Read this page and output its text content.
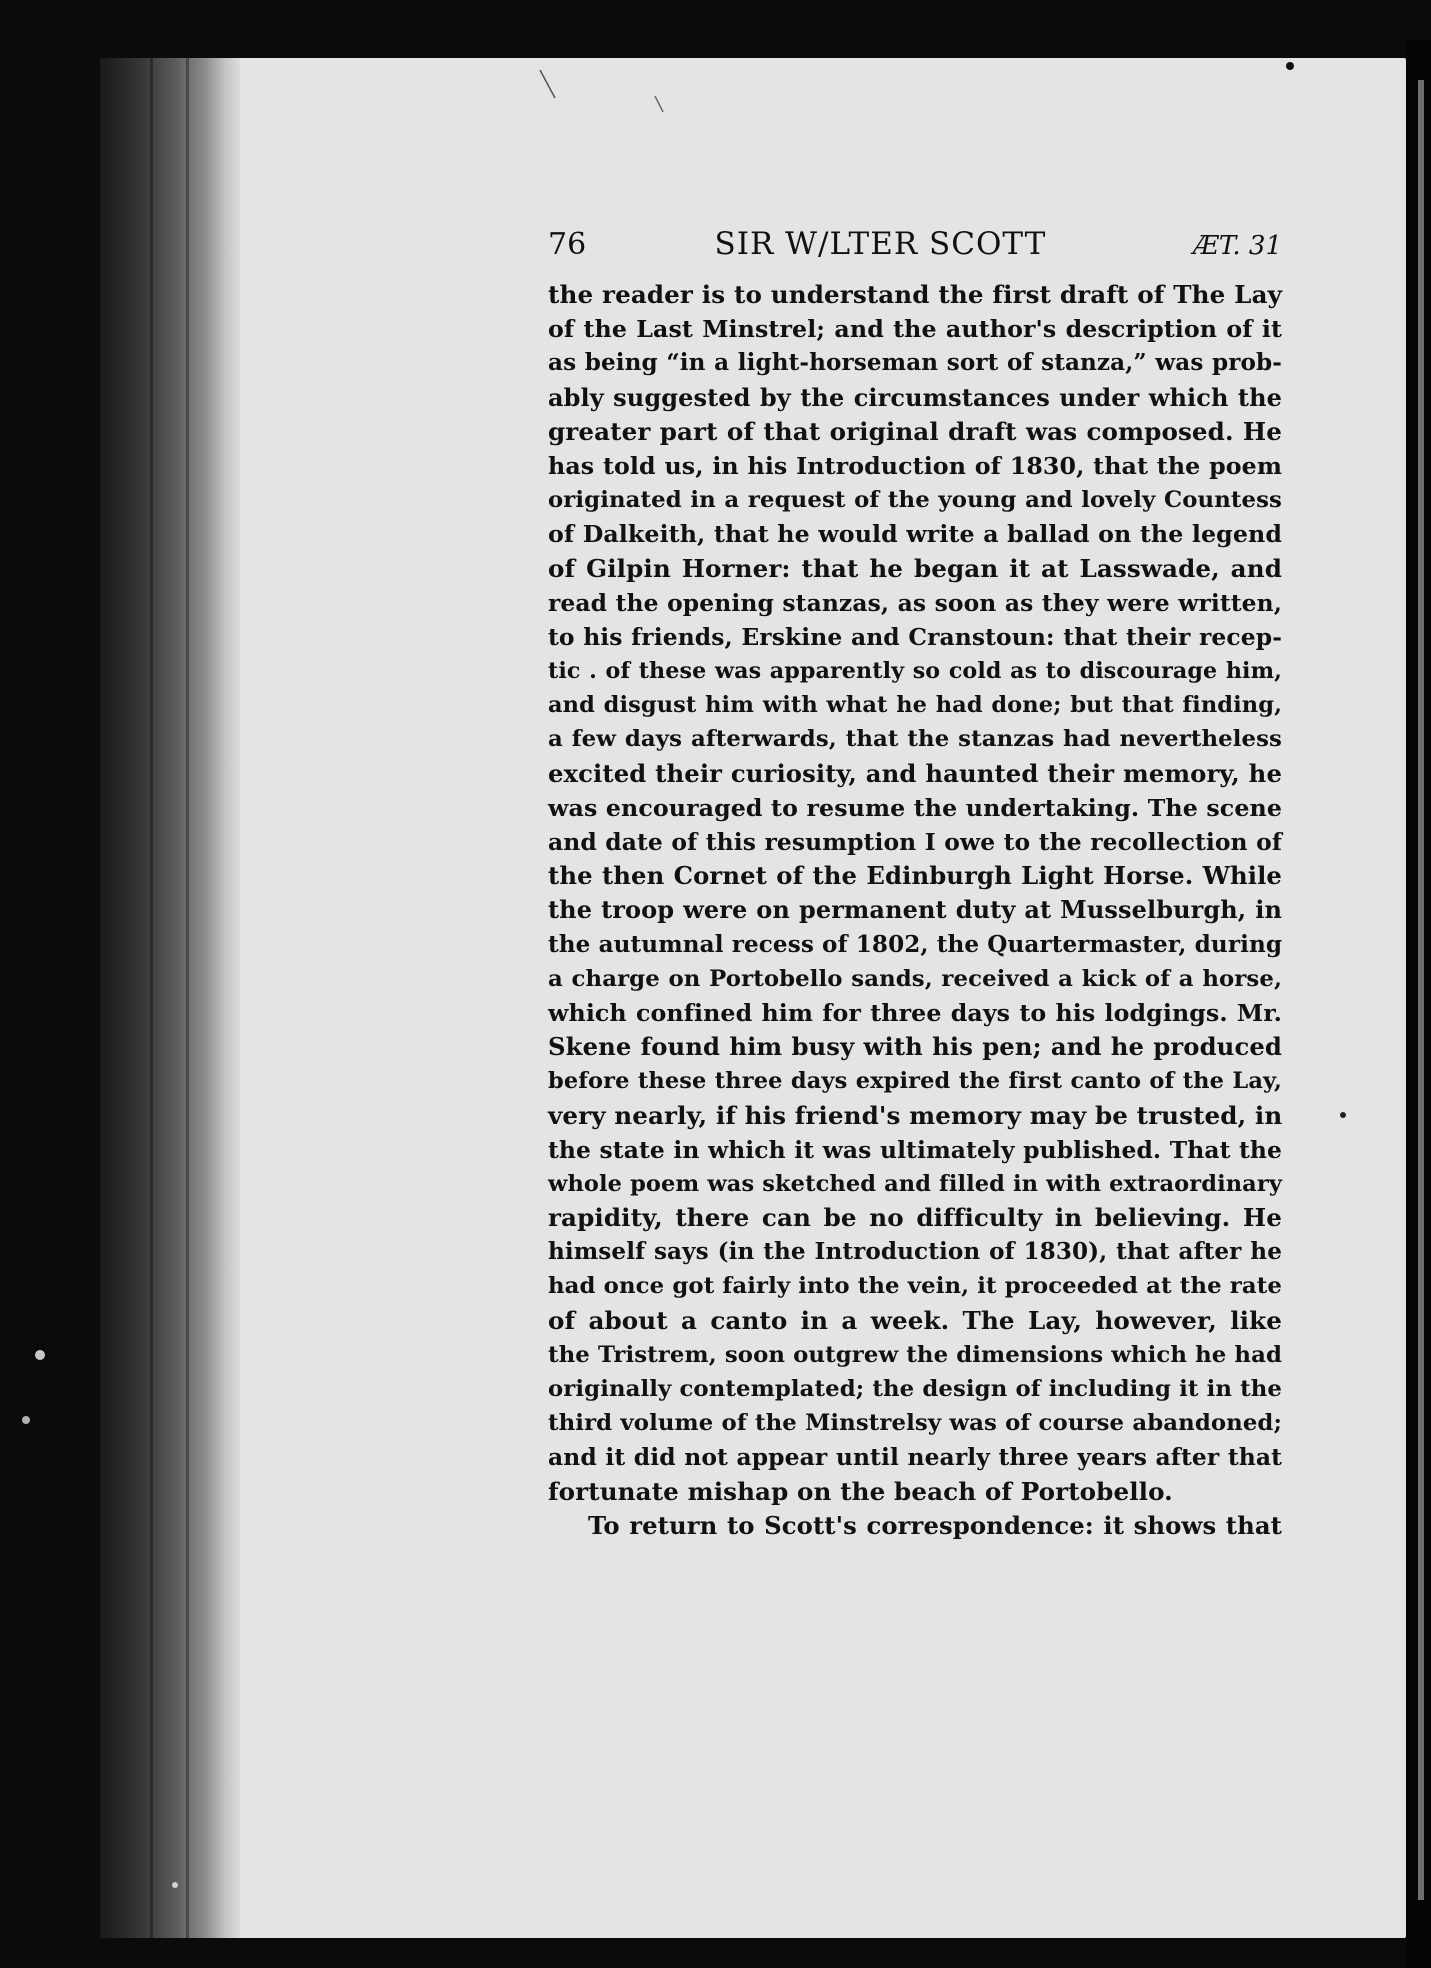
76	SIR W/LTER SCOTT	ÆT. 31
the reader is to understand the first draft of The Lay
of the Last Minstrel; and the author's description of it
as being “in a light-horseman sort of stanza,” was prob-
ably suggested by the circumstances under which the
greater part of that original draft was composed. He
has told us, in his Introduction of 1830, that the poem
originated in a request of the young and lovely Countess
of Dalkeith, that he would write a ballad on the legend
of Gilpin Horner: that he began it at Lasswade, and
read the opening stanzas, as soon as they were written,
to his friends, Erskine and Cranstoun: that their recep-
tic . of these was apparently so cold as to discourage him,
and disgust him with what he had done; but that finding,
a few days afterwards, that the stanzas had nevertheless
excited their curiosity, and haunted their memory, he
was encouraged to resume the undertaking. The scene
and date of this resumption I owe to the recollection of
the then Cornet of the Edinburgh Light Horse. While
the troop were on permanent duty at Musselburgh, in
the autumnal recess of 1802, the Quartermaster, during
a charge on Portobello sands, received a kick of a horse,
which confined him for three days to his lodgings. Mr.
Skene found him busy with his pen; and he produced
before these three days expired the first canto of the Lay,
very nearly, if his friend's memory may be trusted, in
the state in which it was ultimately published. That the
whole poem was sketched and filled in with extraordinary
rapidity, there can be no difficulty in believing. He
himself says (in the Introduction of 1830), that after he
had once got fairly into the vein, it proceeded at the rate
of about a canto in a week. The Lay, however, like
the Tristrem, soon outgrew the dimensions which he had
originally contemplated; the design of including it in the
third volume of the Minstrelsy was of course abandoned;
and it did not appear until nearly three years after that
fortunate mishap on the beach of Portobello.
To return to Scott's correspondence: it shows that
